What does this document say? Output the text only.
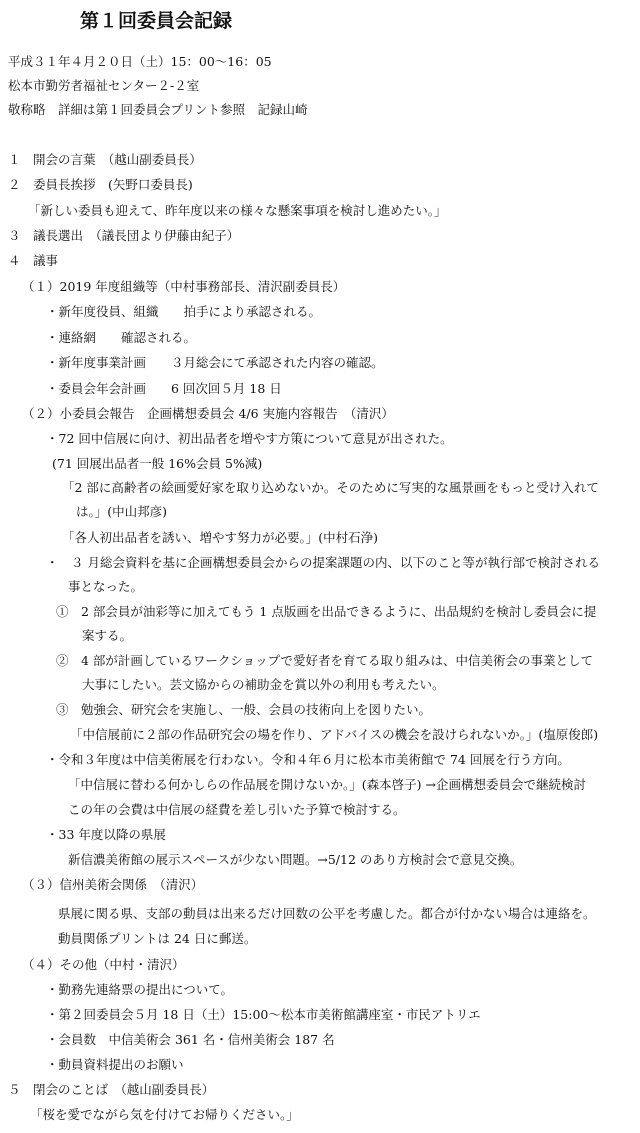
第１回委員会記録
平成３１年４月２０日（土）15：00〜16：05
松本市勤労者福祉センター２‐２室
敬称略　詳細は第１回委員会プリント参照　記録山崎
１　開会の言葉　（越山副委員長）
２　委員長挨拶　(矢野口委員長)
「新しい委員も迎えて、昨年度以来の様々な懸案事項を検討し進めたい。」
３　議長選出　（議長団より伊藤由紀子）
４　議事
（１）2019 年度組織等（中村事務部長、清沢副委員長）
・新年度役員、組織　　拍手により承認される。
・連絡網　　確認される。
・新年度事業計画　　３月総会にて承認された内容の確認。
・委員会年会計画　　6 回次回５月 18 日
（２）小委員会報告　企画構想委員会 4/6 実施内容報告　（清沢）
・72 回中信展に向け、初出品者を増やす方策について意見が出された。
(71 回展出品者一般 16%会員 5%減)
「2 部に高齢者の絵画愛好家を取り込めないか。そのために写実的な風景画をもっと受け入れて
は。」(中山邦彦)
「各人初出品者を誘い、増やす努力が必要。」(中村石浄)
・　３ 月総会資料を基に企画構想委員会からの提案課題の内、以下のこと等が執行部で検討される
事となった。
①　2 部会員が油彩等に加えてもう 1 点版画を出品できるように、出品規約を検討し委員会に提
案する。
②　4 部が計画しているワークショップで愛好者を育てる取り組みは、中信美術会の事業として
大事にしたい。芸文協からの補助金を賞以外の利用も考えたい。
③　勉強会、研究会を実施し、一般、会員の技術向上を図りたい。
「中信展前に２部の作品研究会の場を作り、アドバイスの機会を設けられないか。」(塩原俊郎)
・令和３年度は中信美術展を行わない。令和４年６月に松本市美術館で 74 回展を行う方向。
「中信展に替わる何かしらの作品展を開けないか。」(森本啓子) →企画構想委員会で継続検討
この年の会費は中信展の経費を差し引いた予算で検討する。
・33 年度以降の県展
新信濃美術館の展示スペースが少ない問題。→5/12 のあり方検討会で意見交換。
（３）信州美術会関係　（清沢）
県展に関る県、支部の動員は出来るだけ回数の公平を考慮した。都合が付かない場合は連絡を。
動員関係プリントは 24 日に郵送。
（４）その他（中村・清沢）
・勤務先連絡票の提出について。
・第２回委員会５月 18 日（土）15:00〜松本市美術館講座室・市民アトリエ
・会員数　中信美術会 361 名・信州美術会 187 名
・動員資料提出のお願い
５　閉会のことば　（越山副委員長）
「桜を愛でながら気を付けてお帰りください。」
